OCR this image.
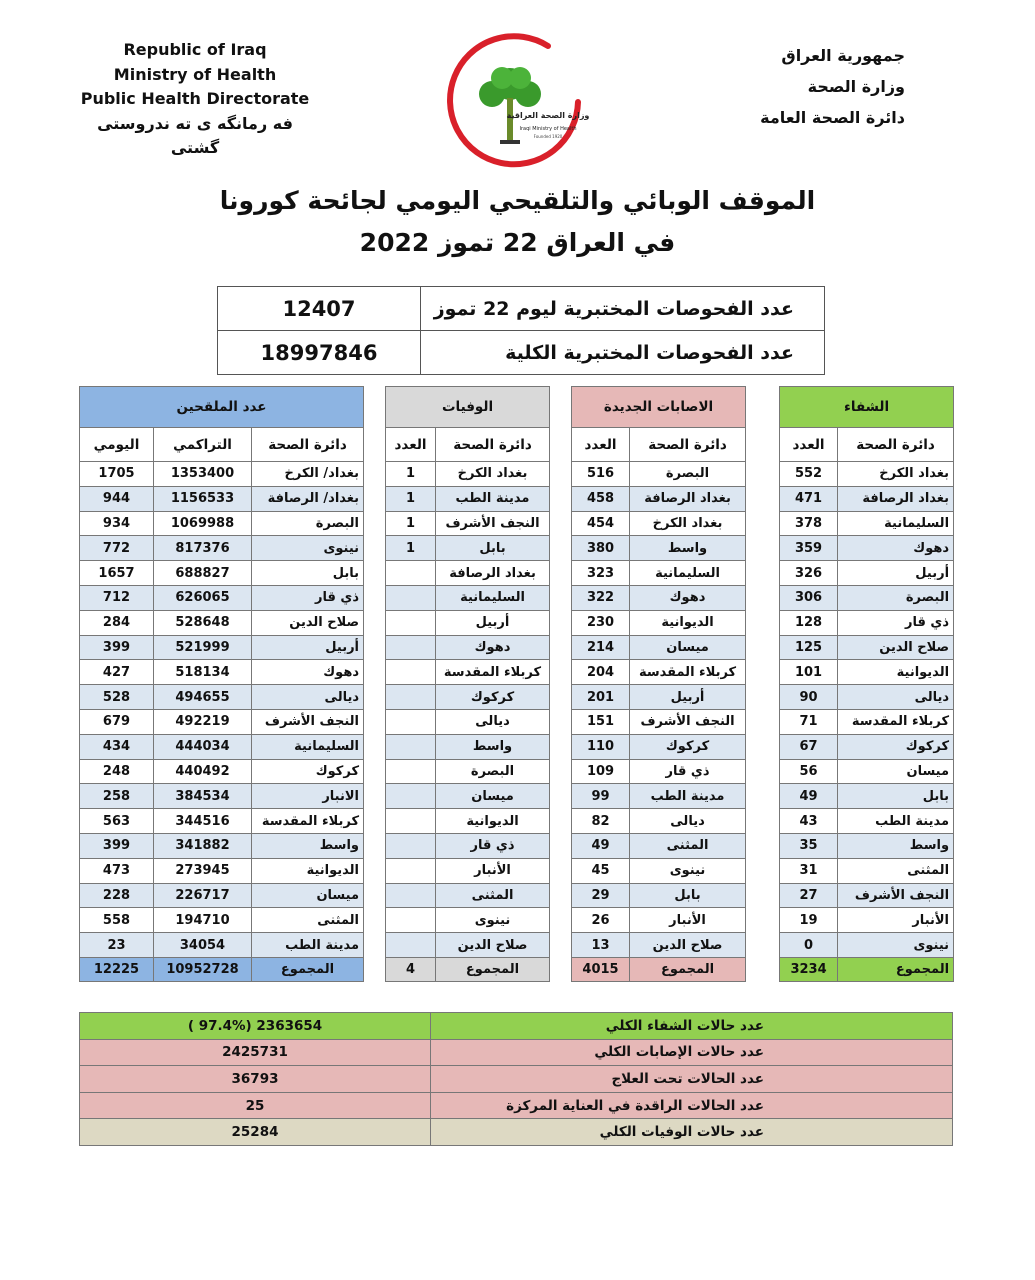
Republic of Iraq
Ministry of Health
Public Health Directorate
فه رمانگه ى ته ندروستى گشتى
وزارة الصحة العراقية
Iraqi Ministry of Health
Founded 1920
جمهورية العراق
وزارة الصحة
دائرة الصحة العامة
الموقف الوبائي والتلقيحي اليومي لجائحة كورونا
في العراق 22 تموز 2022
12407	عدد الفحوصات المختبرية ليوم 22 تموز
18997846	عدد الفحوصات المختبرية الكلية
عدد الملقحين				الوفيات			الاصابات الجديدة			الشفاء	
اليومي	التراكمي	دائرة الصحة		العدد	دائرة الصحة		العدد	دائرة الصحة		العدد	دائرة الصحة
1705	1353400	بغداد/ الكرخ		1	بغداد الكرخ		516	البصرة		552	بغداد الكرخ
944	1156533	بغداد/ الرصافة		1	مدينة الطب		458	بغداد الرصافة		471	بغداد الرصافة
934	1069988	البصرة		1	النجف الأشرف		454	بغداد الكرخ		378	السليمانية
772	817376	نينوى		1	بابل		380	واسط		359	دهوك
1657	688827	بابل			بغداد الرصافة		323	السليمانية		326	أربيل
712	626065	ذي قار			السليمانية		322	دهوك		306	البصرة
284	528648	صلاح الدين			أربيل		230	الديوانية		128	ذي قار
399	521999	أربيل			دهوك		214	ميسان		125	صلاح الدين
427	518134	دهوك			كربلاء المقدسة		204	كربلاء المقدسة		101	الديوانية
528	494655	ديالى			كركوك		201	أربيل		90	ديالى
679	492219	النجف الأشرف			ديالى		151	النجف الأشرف		71	كربلاء المقدسة
434	444034	السليمانية			واسط		110	كركوك		67	كركوك
248	440492	كركوك			البصرة		109	ذي قار		56	ميسان
258	384534	الانبار			ميسان		99	مدينة الطب		49	بابل
563	344516	كربلاء المقدسة			الديوانية		82	ديالى		43	مدينة الطب
399	341882	واسط			ذي قار		49	المثنى		35	واسط
473	273945	الديوانية			الأنبار		45	نينوى		31	المثنى
228	226717	ميسان			المثنى		29	بابل		27	النجف الأشرف
558	194710	المثنى			نينوى		26	الأنبار		19	الأنبار
23	34054	مدينة الطب			صلاح الدين		13	صلاح الدين		0	نينوى
12225	10952728	المجموع		4	المجموع		4015	المجموع		3234	المجموع
( 97.4%) 2363654	عدد حالات الشفاء الكلي
2425731	عدد حالات الإصابات الكلي
36793	عدد الحالات تحت العلاج
25	عدد الحالات الراقدة في العناية المركزة
25284	عدد حالات الوفيات الكلي
